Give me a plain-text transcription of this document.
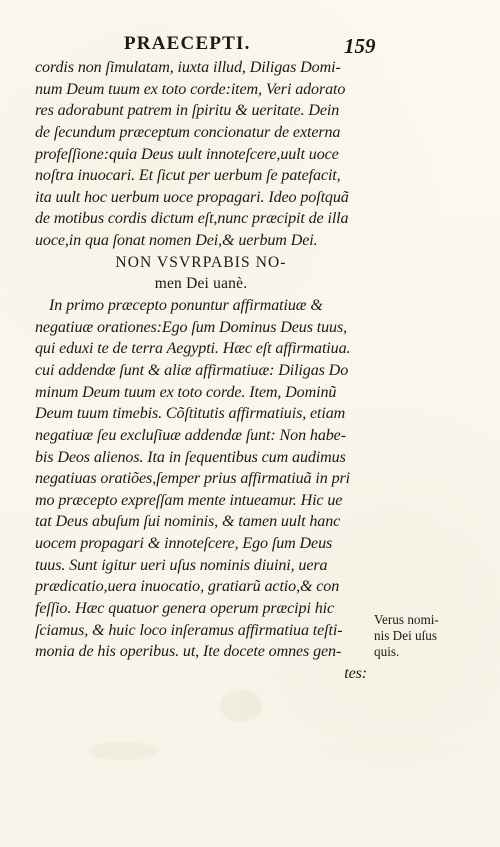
PRAECEPTI.	159
cordis non ſimulatam, iuxta illud, Diligas Domi-
num Deum tuum ex toto corde:item, Veri adorato
res adorabunt patrem in ſpiritu & ueritate. Dein
de ſecundum præceptum concionatur de externa
profeſſione:quia Deus uult innoteſcere,uult uoce
noſtra inuocari. Et ſicut per uerbum ſe patefacit,
ita uult hoc uerbum uoce propagari. Ideo poſtquã
de motibus cordis dictum eſt,nunc præcipit de illa
uoce,in qua ſonat nomen Dei,& uerbum Dei.
NON VSVRPABIS NO-
men Dei uanè.
In primo præcepto ponuntur affirmatiuæ &
negatiuæ orationes:Ego ſum Dominus Deus tuus,
qui eduxi te de terra Aegypti. Hæc eſt affirmatiua.
cui addendæ ſunt & aliæ affirmatiuæ: Diligas Do
minum Deum tuum ex toto corde. Item, Dominũ
Deum tuum timebis. Cõſtitutis affirmatiuis, etiam
negatiuæ ſeu excluſiuæ addendæ ſunt: Non habe-
bis Deos alienos. Ita in ſequentibus cum audimus
negatiuas oratiões,ſemper prius affirmatiuã in pri
mo præcepto expreſſam mente intueamur. Hic ue
tat Deus abuſum ſui nominis, & tamen uult hanc
uocem propagari & innoteſcere, Ego ſum Deus
tuus. Sunt igitur ueri uſus nominis diuini, uera
prædicatio,uera inuocatio, gratiarũ actio,& con
feſſio. Hæc quatuor genera operum præcipi hic
ſciamus, & huic loco inſeramus affirmatiua teſti-
monia de his operibus. ut, Ite docete omnes gen-
tes:
Verus nomi-
nis Dei uſus
quis.
